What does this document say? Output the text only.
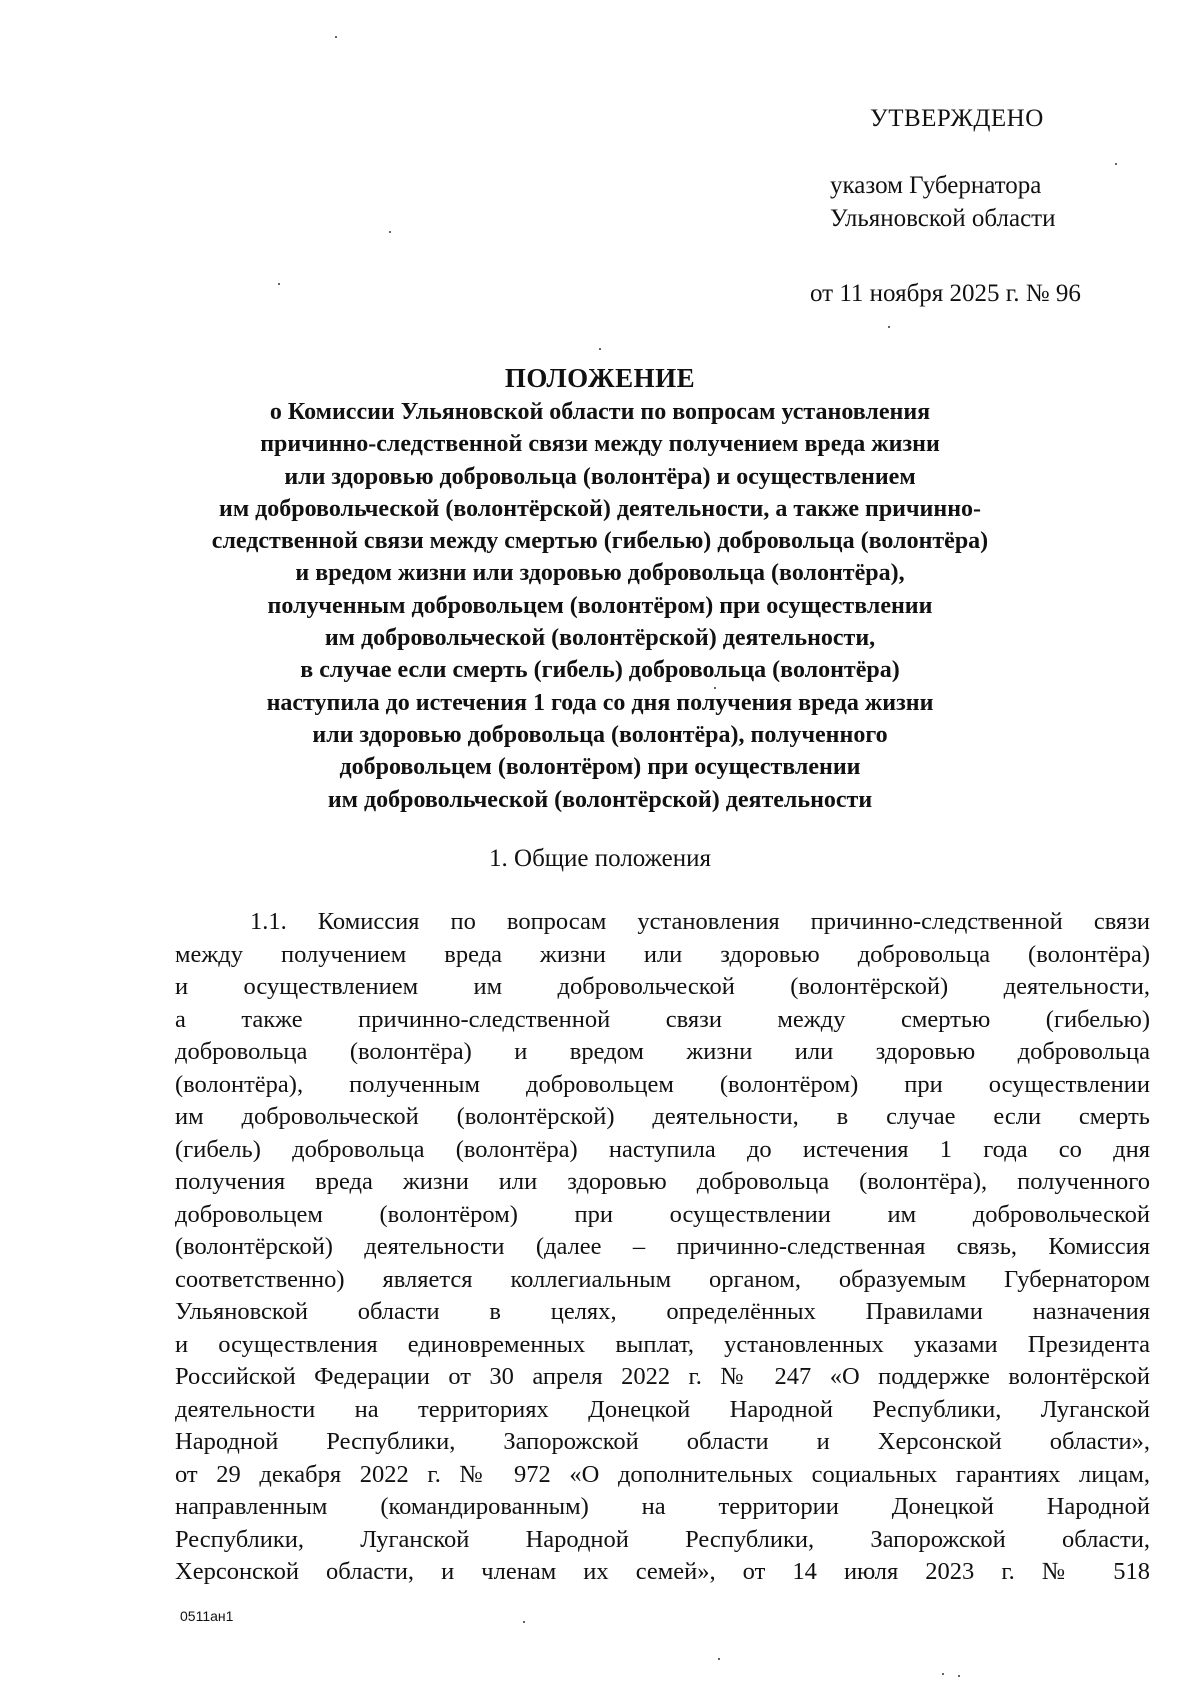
УТВЕРЖДЕНО
указом Губернатора
Ульяновской области
от 11 ноября 2025 г. № 96
ПОЛОЖЕНИЕ
о Комиссии Ульяновской области по вопросам установления
причинно-следственной связи между получением вреда жизни
или здоровью добровольца (волонтёра) и осуществлением
им добровольческой (волонтёрской) деятельности, а также причинно-
следственной связи между смертью (гибелью) добровольца (волонтёра)
и вредом жизни или здоровью добровольца (волонтёра),
полученным добровольцем (волонтёром) при осуществлении
им добровольческой (волонтёрской) деятельности,
в случае если смерть (гибель) добровольца (волонтёра)
наступила до истечения 1 года со дня получения вреда жизни
или здоровью добровольца (волонтёра), полученного
добровольцем (волонтёром) при осуществлении
им добровольческой (волонтёрской) деятельности
1. Общие положения
1.1. Комиссия по вопросам установления причинно-следственной связи
между получением вреда жизни или здоровью добровольца (волонтёра)
и осуществлением им добровольческой (волонтёрской) деятельности,
а также причинно-следственной связи между смертью (гибелью)
добровольца (волонтёра) и вредом жизни или здоровью добровольца
(волонтёра), полученным добровольцем (волонтёром) при осуществлении
им добровольческой (волонтёрской) деятельности, в случае если смерть
(гибель) добровольца (волонтёра) наступила до истечения 1 года со дня
получения вреда жизни или здоровью добровольца (волонтёра), полученного
добровольцем (волонтёром) при осуществлении им добровольческой
(волонтёрской) деятельности (далее – причинно-следственная связь, Комиссия
соответственно) является коллегиальным органом, образуемым Губернатором
Ульяновской области в целях, определённых Правилами назначения
и осуществления единовременных выплат, установленных указами Президента
Российской Федерации от 30 апреля 2022 г. № 247 «О поддержке волонтёрской
деятельности на территориях Донецкой Народной Республики, Луганской
Народной Республики, Запорожской области и Херсонской области»,
от 29 декабря 2022 г. № 972 «О дополнительных социальных гарантиях лицам,
направленным (командированным) на территории Донецкой Народной
Республики, Луганской Народной Республики, Запорожской области,
Херсонской области, и членам их семей», от 14 июля 2023 г. № 518
0511ан1
